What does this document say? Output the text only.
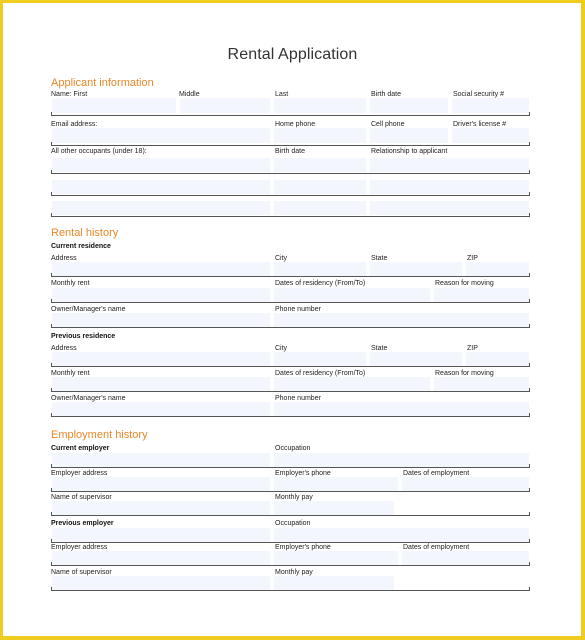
Rental Application
Applicant information
Name: First	Middle	Last	Birth date	Social security #
Email address:	Home phone	Cell phone	Driver's license #
All other occupants (under 18):	Birth date	Relationship to applicant
Rental history
Current residence
Address	City	State	ZIP
Monthly rent	Dates of residency (From/To)	Reason for moving
Owner/Manager's name	Phone number
Previous residence
Address	City	State	ZIP
Monthly rent	Dates of residency (From/To)	Reason for moving
Owner/Manager's name	Phone number
Employment history
Current employer	Occupation
Employer address	Employer's phone	Dates of employment
Name of supervisor	Monthly pay
Previous employer	Occupation
Employer address	Employer's phone	Dates of employment
Name of supervisor	Monthly pay
